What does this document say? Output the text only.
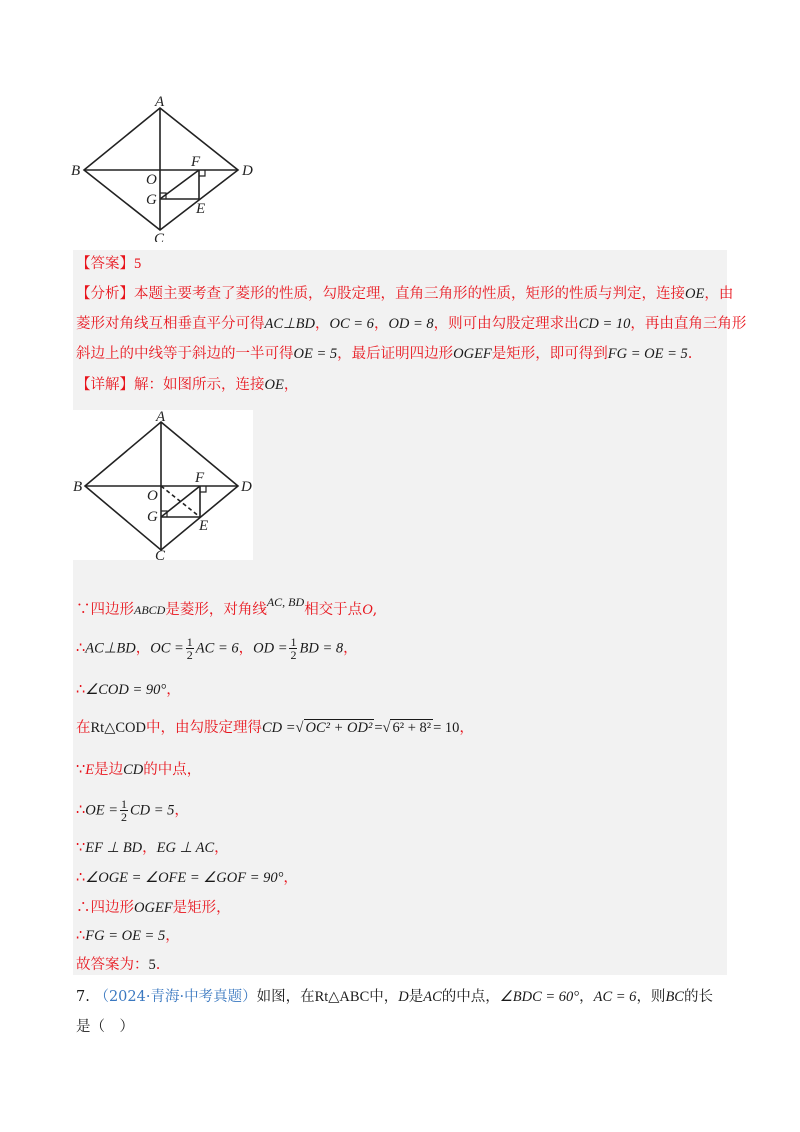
A
B
C
D
O
F
G
E
【答案】5
【分析】本题主要考查了菱形的性质，勾股定理，直角三角形的性质，矩形的性质与判定，连接OE，由
菱形对角线互相垂直平分可得AC⊥BD，OC = 6，OD = 8，则可由勾股定理求出CD = 10，再由直角三角形
斜边上的中线等于斜边的一半可得OE = 5，最后证明四边形OGEF是矩形，即可得到FG = OE = 5.
【详解】解：如图所示，连接OE，
A
B
C
D
O
F
G
E
∵四边形ABCD是菱形，对角线$^{AC, BD}$相交于点O,
∴AC⊥BD，OC = $\frac{1}{2}$ AC = 6，OD = $\frac{1}{2}$ BD = 8，
∴∠COD = 90°，
在Rt△COD中，由勾股定理得CD =√ OC² + OD² =√ 6² + 8² = 10，
∵E是边CD的中点，
∴OE = $\frac{1}{2}$ CD = 5，
∵EF ⊥ BD，EG ⊥ AC，
∴∠OGE = ∠OFE = ∠GOF = 90°，
∴四边形OGEF是矩形，
∴FG = OE = 5，
故答案为：5.
7. （2024·青海·中考真题）如图，在Rt△ABC中，D是AC的中点，∠BDC = 60°，AC = 6，则BC的长
是（　）
